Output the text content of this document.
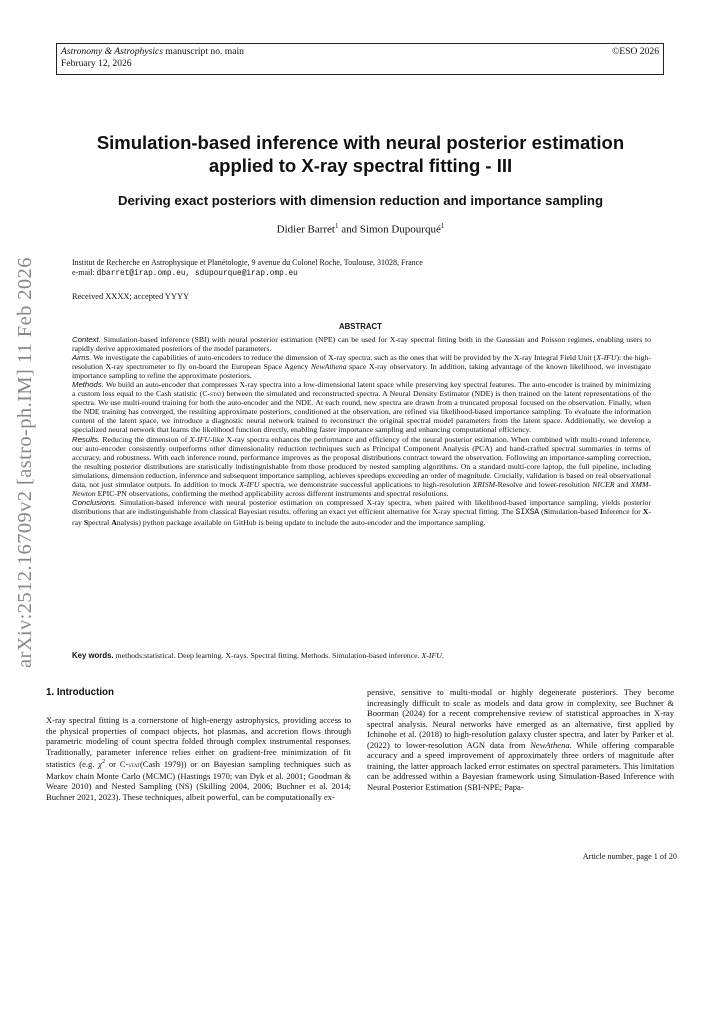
Astronomy & Astrophysics manuscript no. main
February 12, 2026
©ESO 2026
arXiv:2512.16709v2 [astro-ph.IM] 11 Feb 2026
Simulation-based inference with neural posterior estimation
applied to X-ray spectral fitting - III
Deriving exact posteriors with dimension reduction and importance sampling
Didier Barret$^1$ and Simon Dupourqué$^1$
Institut de Recherche en Astrophysique et Planétologie, 9 avenue du Colonel Roche, Toulouse, 31028, France
e-mail: dbarret@irap.omp.eu, sdupourque@irap.omp.eu
Received XXXX; accepted YYYY
ABSTRACT

Context. Simulation-based inference (SBI) with neural posterior estimation (NPE) can be used for X-ray spectral fitting both in the Gaussian and Poisson regimes, enabling users to rapidly derive approximated posteriors of the model parameters.

Aims. We investigate the capabilities of auto-encoders to reduce the dimension of X-ray spectra, such as the ones that will be provided by the X-ray Integral Field Unit (X-IFU): the high-resolution X-ray spectrometer to fly on-board the European Space Agency NewAthena space X-ray observatory. In addition, taking advantage of the known likelihood, we investigate importance sampling to refine the approximate posteriors.

Methods. We build an auto-encoder that compresses X-ray spectra into a low-dimensional latent space while preserving key spectral features. The auto-encoder is trained by minimizing a custom loss equal to the Cash statistic (C-stat) between the simulated and reconstructed spectra. A Neural Density Estimator (NDE) is then trained on the latent representations of the spectra. We use multi-round training for both the auto-encoder and the NDE. At each round, new spectra are drawn from a truncated proposal focused on the observation. Finally, when the NDE training has converged, the resulting approximate posteriors, conditioned at the observation, are refined via likelihood-based importance sampling. To evaluate the information content of the latent space, we introduce a diagnostic neural network trained to reconstruct the original spectral model parameters from the latent space. Additionally, we develop a specialized neural network that learns the likelihood function directly, enabling faster importance sampling and enhancing computational efficiency.

Results. Reducing the dimension of X-IFU-like X-ray spectra enhances the performance and efficiency of the neural posterior estimation. When combined with multi-round inference, our auto-encoder consistently outperforms other dimensionality reduction techniques such as Principal Component Analysis (PCA) and hand-crafted spectral summaries in terms of accuracy, and robustness. With each inference round, performance improves as the proposal distributions contract toward the observation. Following an importance-sampling correction, the resulting posterior distributions are statistically indistinguishable from those produced by nested sampling algorithms. On a standard multi-core laptop, the full pipeline, including simulations, dimension reduction, inference and subsequent importance sampling, achieves speedups exceeding an order of magnitude. Crucially, validation is based on real observational data, not just simulator outputs. In addition to mock X-IFU spectra, we demonstrate successful applications to high-resolution XRISM-Resolve and lower-resolution NICER and XMM-Newton EPIC-PN observations, confirming the method applicability across different instruments and spectral resolutions.

Conclusions. Simulation-based inference with neural posterior estimation on compressed X-ray spectra, when paired with likelihood-based importance sampling, yields posterior distributions that are indistinguishable from classical Bayesian results, offering an exact yet efficient alternative for X-ray spectral fitting. The SIXSA (Simulation-based Inference for X-ray Spectral Analysis) python package available on GitHub is being update to include the auto-encoder and the importance sampling.

Key words. methods:statistical. Deep learning. X-rays. Spectral fitting. Methods. Simulation-based inference. X-IFU.
1. Introduction

X-ray spectral fitting is a cornerstone of high-energy astrophysics, providing access to the physical properties of compact objects, hot plasmas, and accretion flows through parametric modeling of count spectra folded through complex instrumental responses. Traditionally, parameter inference relies either on gradient-free minimization of fit statistics (e.g. $\chi^2$ or C-stat(Cash 1979)) or on Bayesian sampling techniques such as Markov chain Monte Carlo (MCMC) (Hastings 1970; van Dyk et al. 2001; Goodman & Weare 2010) and Nested Sampling (NS) (Skilling 2004, 2006; Buchner et al. 2014; Buchner 2021, 2023). These techniques, albeit powerful, can be computationally ex-

pensive, sensitive to multi-modal or highly degenerate posteriors. They become increasingly difficult to scale as models and data grow in complexity, see Buchner & Boorman (2024) for a recent comprehensive review of statistical approaches in X-ray spectral analysis. Neural networks have emerged as an alternative, first applied by Ichinohe et al. (2018) to high-resolution galaxy cluster spectra, and later by Parker et al. (2022) to lower-resolution AGN data from NewAthena. While offering comparable accuracy and a speed improvement of approximately three orders of magnitude after training, the latter approach lacked error estimates on spectral parameters. This limitation can be addressed within a Bayesian framework using Simulation-Based Inference with Neural Posterior Estimation (SBI-NPE; Papa-

Article number, page 1 of 20
